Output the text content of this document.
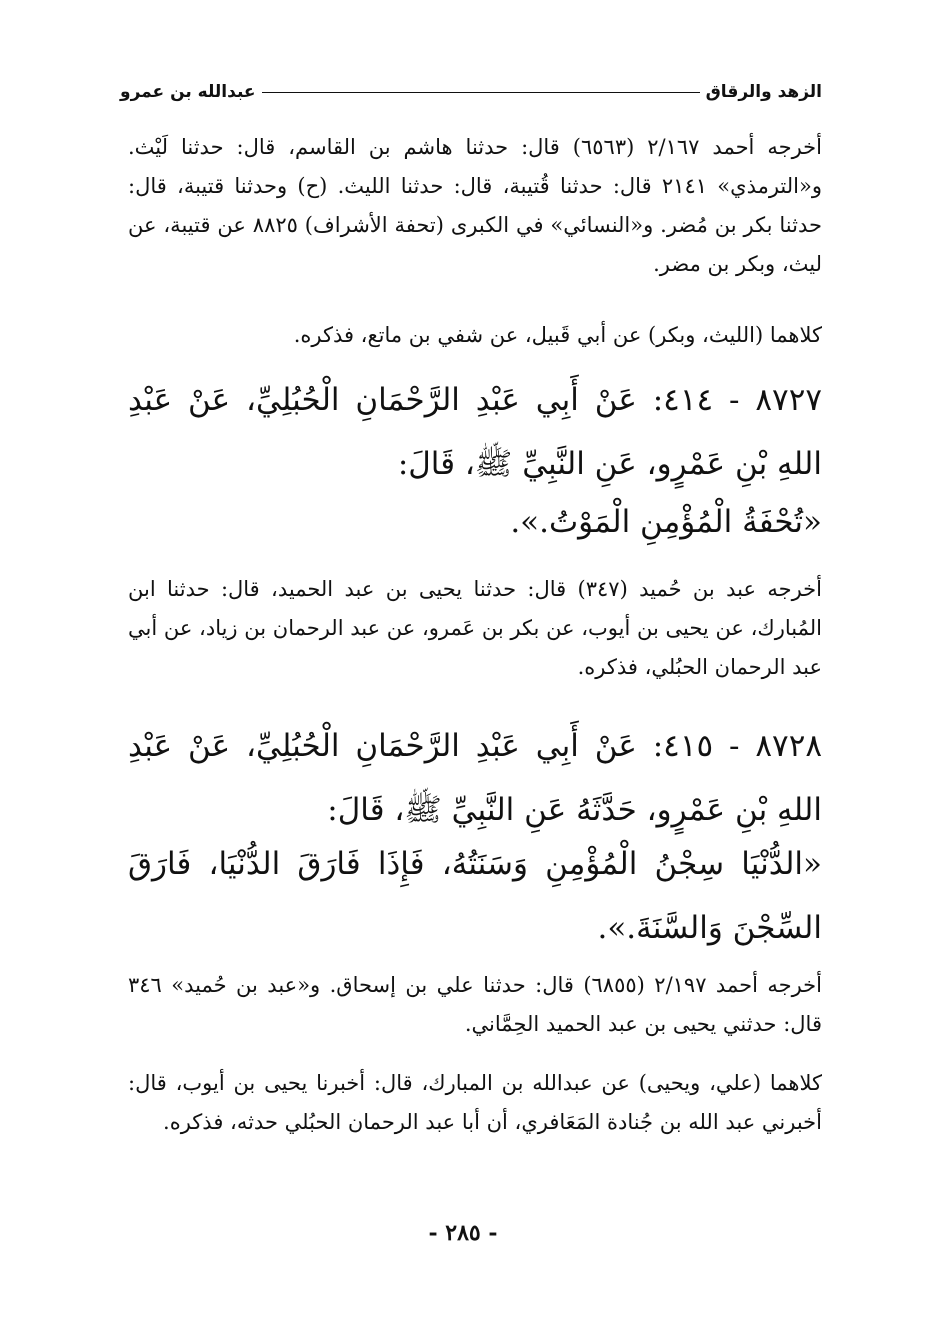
الزهد والرقاق
عبدالله بن عمرو

أخرجه أحمد ٢/١٦٧ (٦٥٦٣) قال: حدثنا هاشم بن القاسم، قال: حدثنا لَيْث. و«الترمذي» ٢١٤١ قال: حدثنا قُتيبة، قال: حدثنا الليث. (ح) وحدثنا قتيبة، قال: حدثنا بكر بن مُضر. و«النسائي» في الكبرى (تحفة الأشراف) ٨٨٢٥ عن قتيبة، عن ليث، وبكر بن مضر.

كلاهما (الليث، وبكر) عن أبي قَبيل، عن شفي بن ماتع، فذكره.

٨٧٢٧ - ٤١٤: عَنْ أَبِي عَبْدِ الرَّحْمَانِ الْحُبُلِيِّ، عَنْ عَبْدِ اللهِ بْنِ عَمْرٍو، عَنِ النَّبِيِّ ﷺ، قَالَ:

«تُحْفَةُ الْمُؤْمِنِ الْمَوْتُ.».

أخرجه عبد بن حُميد (٣٤٧) قال: حدثنا يحيى بن عبد الحميد، قال: حدثنا ابن المُبارك، عن يحيى بن أيوب، عن بكر بن عَمرو، عن عبد الرحمان بن زياد، عن أبي عبد الرحمان الحبُلي، فذكره.

٨٧٢٨ - ٤١٥: عَنْ أَبِي عَبْدِ الرَّحْمَانِ الْحُبُلِيِّ، عَنْ عَبْدِ اللهِ بْنِ عَمْرٍو، حَدَّثَهُ عَنِ النَّبِيِّ ﷺ، قَالَ:

«الدُّنْيَا سِجْنُ الْمُؤْمِنِ وَسَنَتُهُ، فَإِذَا فَارَقَ الدُّنْيَا، فَارَقَ السِّجْنَ وَالسَّنَةَ.».

أخرجه أحمد ٢/١٩٧ (٦٨٥٥) قال: حدثنا علي بن إسحاق. و«عبد بن حُميد» ٣٤٦ قال: حدثني يحيى بن عبد الحميد الحِمَّاني.

كلاهما (علي، ويحيى) عن عبدالله بن المبارك، قال: أخبرنا يحيى بن أيوب، قال: أخبرني عبد الله بن جُنادة المَعَافري، أن أبا عبد الرحمان الحبُلي حدثه، فذكره.

- ٢٨٥ -
